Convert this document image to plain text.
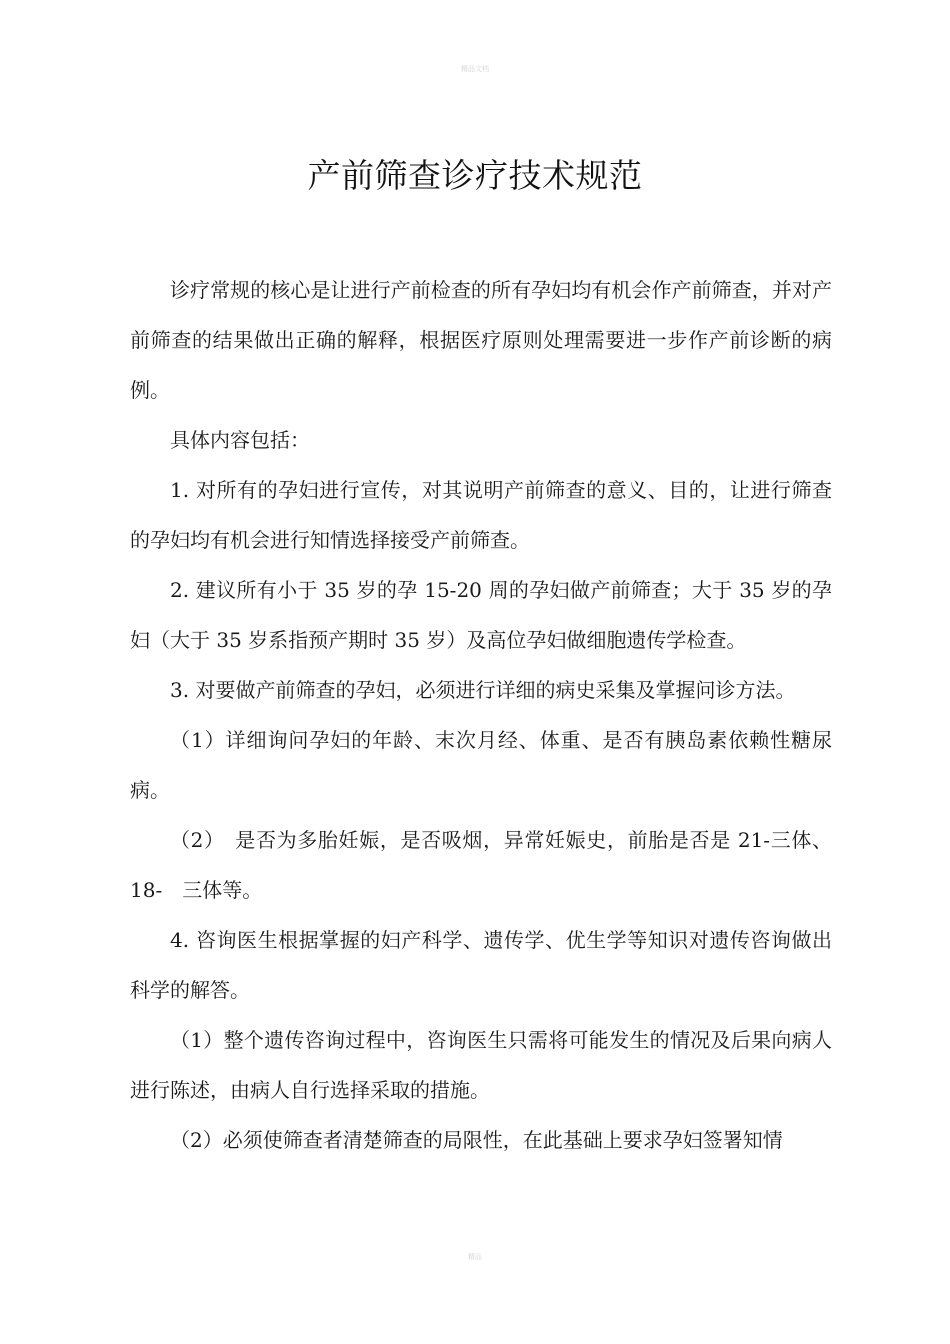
精品文档
产前筛查诊疗技术规范

诊疗常规的核心是让进行产前检查的所有孕妇均有机会作产前筛查，并对产前筛查的结果做出正确的解释，根据医疗原则处理需要进一步作产前诊断的病例。

具体内容包括：

1. 对所有的孕妇进行宣传，对其说明产前筛查的意义、目的，让进行筛查的孕妇均有机会进行知情选择接受产前筛查。

2. 建议所有小于 35 岁的孕 15-20 周的孕妇做产前筛查；大于 35 岁的孕妇（大于 35 岁系指预产期时 35 岁）及高位孕妇做细胞遗传学检查。

3. 对要做产前筛查的孕妇，必须进行详细的病史采集及掌握问诊方法。

（1）详细询问孕妇的年龄、末次月经、体重、是否有胰岛素依赖性糖尿病。

（2）　是否为多胎妊娠，是否吸烟，异常妊娠史，前胎是否是 21-三体、18-　三体等。

4. 咨询医生根据掌握的妇产科学、遗传学、优生学等知识对遗传咨询做出科学的解答。

（1）整个遗传咨询过程中，咨询医生只需将可能发生的情况及后果向病人进行陈述，由病人自行选择采取的措施。

（2）必须使筛查者清楚筛查的局限性，在此基础上要求孕妇签署知情

精品
